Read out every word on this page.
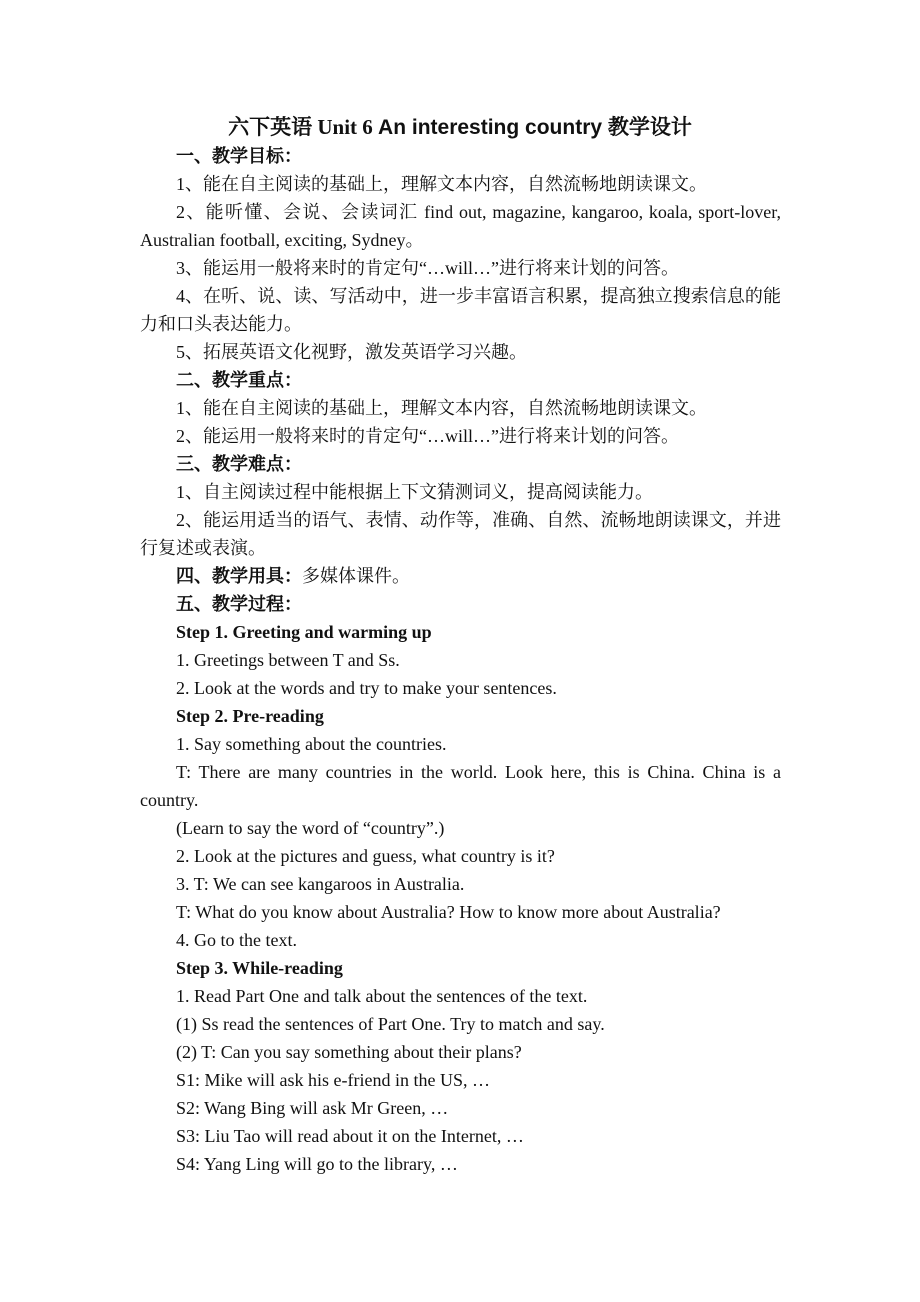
六下英语 Unit 6 An interesting country 教学设计

一、教学目标：

1、能在自主阅读的基础上，理解文本内容，自然流畅地朗读课文。

2、能听懂、会说、会读词汇 find out, magazine, kangaroo, koala, sport-lover, Australian football, exciting, Sydney。

3、能运用一般将来时的肯定句“…will…”进行将来计划的问答。

4、在听、说、读、写活动中，进一步丰富语言积累，提高独立搜索信息的能力和口头表达能力。

5、拓展英语文化视野，激发英语学习兴趣。

二、教学重点：

1、能在自主阅读的基础上，理解文本内容，自然流畅地朗读课文。

2、能运用一般将来时的肯定句“…will…”进行将来计划的问答。

三、教学难点：

1、自主阅读过程中能根据上下文猜测词义，提高阅读能力。

2、能运用适当的语气、表情、动作等，准确、自然、流畅地朗读课文，并进行复述或表演。

四、教学用具：多媒体课件。

五、教学过程：

Step 1. Greeting and warming up

1. Greetings between T and Ss.

2. Look at the words and try to make your sentences.

Step 2. Pre-reading

1. Say something about the countries.

T: There are many countries in the world. Look here, this is China. China is a country.

(Learn to say the word of “country”.)

2. Look at the pictures and guess, what country is it?

3. T: We can see kangaroos in Australia.

T: What do you know about Australia? How to know more about Australia?

4. Go to the text.

Step 3. While-reading

1. Read Part One and talk about the sentences of the text.

(1) Ss read the sentences of Part One. Try to match and say.

(2) T: Can you say something about their plans?

S1: Mike will ask his e-friend in the US, …

S2: Wang Bing will ask Mr Green, …

S3: Liu Tao will read about it on the Internet, …

S4: Yang Ling will go to the library, …
